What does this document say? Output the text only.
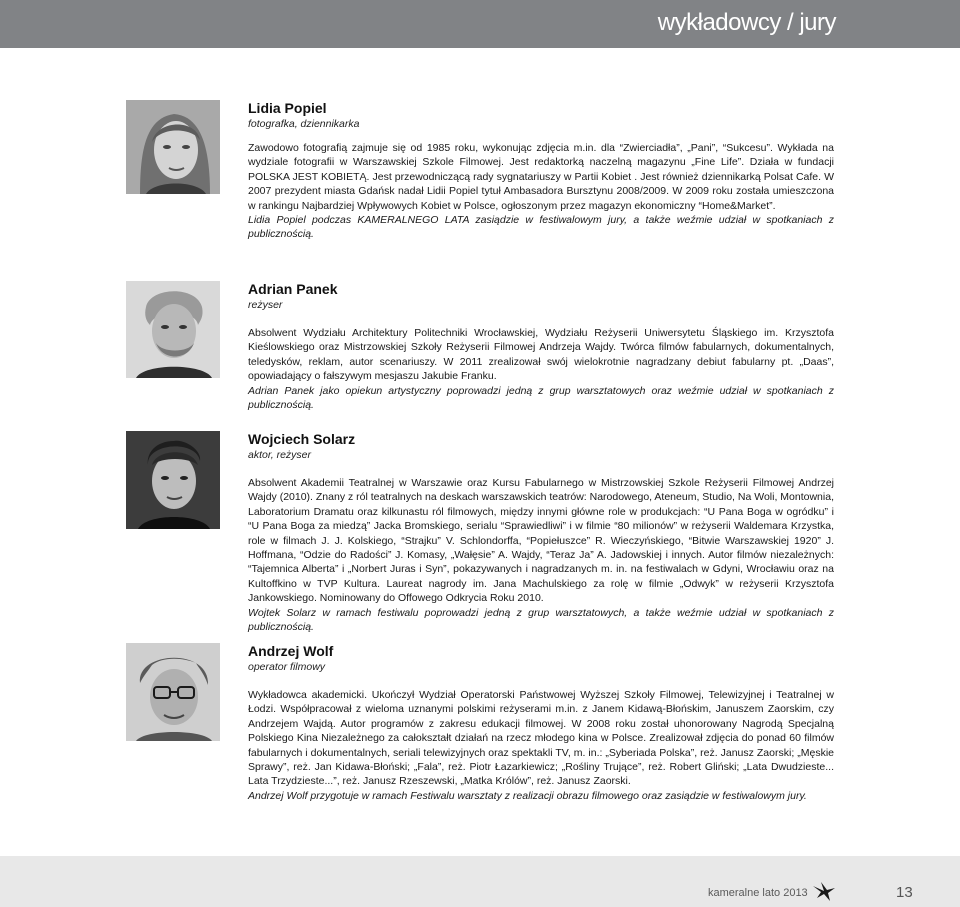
wykładowcy / jury

Lidia Popiel

fotografka, dziennikarka

Zawodowo fotografią zajmuje się od 1985 roku, wykonując zdjęcia m.in. dla “Zwierciadła”, „Pani”, “Sukcesu”. Wykłada na wydziale fotografii w Warszawskiej Szkole Filmowej. Jest redaktorką naczelną magazynu „Fine Life”. Działa w fundacji POLSKA JEST KOBIETĄ. Jest przewodniczącą rady sygnatariuszy w Partii Kobiet . Jest również dziennikarką Polsat Cafe. W 2007 prezydent miasta Gdańsk nadał Lidii Popiel tytuł Ambasadora Bursztynu 2008/2009. W 2009 roku została umieszczona w rankingu Najbardziej Wpływowych Kobiet w Polsce, ogłoszonym przez magazyn ekonomiczny “Home&Market”.

Lidia Popiel podczas KAMERALNEGO LATA zasiądzie w festiwalowym jury, a także weźmie udział w spotkaniach z publicznością.

Adrian Panek

reżyser

Absolwent Wydziału Architektury Politechniki Wrocławskiej, Wydziału Reżyserii Uniwersytetu Śląskiego im. Krzysztofa Kieślowskiego oraz Mistrzowskiej Szkoły Reżyserii Filmowej Andrzeja Wajdy. Twórca filmów fabularnych, dokumentalnych, teledysków, reklam, autor scenariuszy. W 2011 zrealizował swój wielokrotnie nagradzany debiut fabularny pt. „Daas”, opowiadający o fałszywym mesjaszu Jakubie Franku.

Adrian Panek jako opiekun artystyczny poprowadzi jedną z grup warsztatowych oraz weźmie udział w spotkaniach z publicznością.

Wojciech Solarz

aktor, reżyser

Absolwent Akademii Teatralnej w Warszawie oraz Kursu Fabularnego w Mistrzowskiej Szkole Reżyserii Filmowej Andrzej Wajdy (2010). Znany z ról teatralnych na deskach warszawskich teatrów: Narodowego, Ateneum, Studio, Na Woli, Montownia, Laboratorium Dramatu oraz kilkunastu ról filmowych, między innymi główne role w produkcjach: “U Pana Boga w ogródku” i “U Pana Boga za miedzą” Jacka Bromskiego, serialu “Sprawiedliwi” i w filmie “80 milionów” w reżyserii Waldemara Krzystka, role w filmach J. J. Kolskiego, “Strajku” V. Schlondorffa, “Popiełuszce” R. Wieczyńskiego, “Bitwie Warszawskiej 1920” J. Hoffmana, “Odzie do Radości” J. Komasy, „Wałęsie” A. Wajdy, “Teraz Ja” A. Jadowskiej i innych. Autor filmów niezależnych: “Tajemnica Alberta” i „Norbert Juras i Syn”, pokazywanych i nagradzanych m. in. na festiwalach w Gdyni, Wrocławiu oraz na Kultoffkino w TVP Kultura. Laureat nagrody im. Jana Machulskiego za rolę w filmie „Odwyk” w reżyserii Krzysztofa Jankowskiego. Nominowany do Offowego Odkrycia Roku 2010.

Wojtek Solarz w ramach festiwalu poprowadzi jedną z grup warsztatowych, a także weźmie udział w spotkaniach z publicznością.

Andrzej Wolf

operator filmowy

Wykładowca akademicki. Ukończył Wydział Operatorski Państwowej Wyższej Szkoły Filmowej, Telewizyjnej i Teatralnej w Łodzi. Współpracował z wieloma uznanymi polskimi reżyserami m.in. z Janem Kidawą-Błońskim, Januszem Zaorskim, czy Andrzejem Wajdą. Autor programów z zakresu edukacji filmowej. W 2008 roku został uhonorowany Nagrodą Specjalną Polskiego Kina Niezależnego za całokształt działań na rzecz młodego kina w Polsce. Zrealizował zdjęcia do ponad 60 filmów fabularnych i dokumentalnych, seriali telewizyjnych oraz spektakli TV, m. in.: „Syberiada Polska”, reż. Janusz Zaorski; „Męskie Sprawy”, reż. Jan Kidawa-Błoński; „Fala”, reż. Piotr Łazarkiewicz; „Rośliny Trujące”, reż. Robert Gliński; „Lata Dwudzieste... Lata Trzydzieste...”, reż. Janusz Rzeszewski, „Matka Królów”, reż. Janusz Zaorski.

Andrzej Wolf przygotuje w ramach Festiwalu warsztaty z realizacji obrazu filmowego oraz zasiądzie w festiwalowym jury.

kameralne lato 2013	13
